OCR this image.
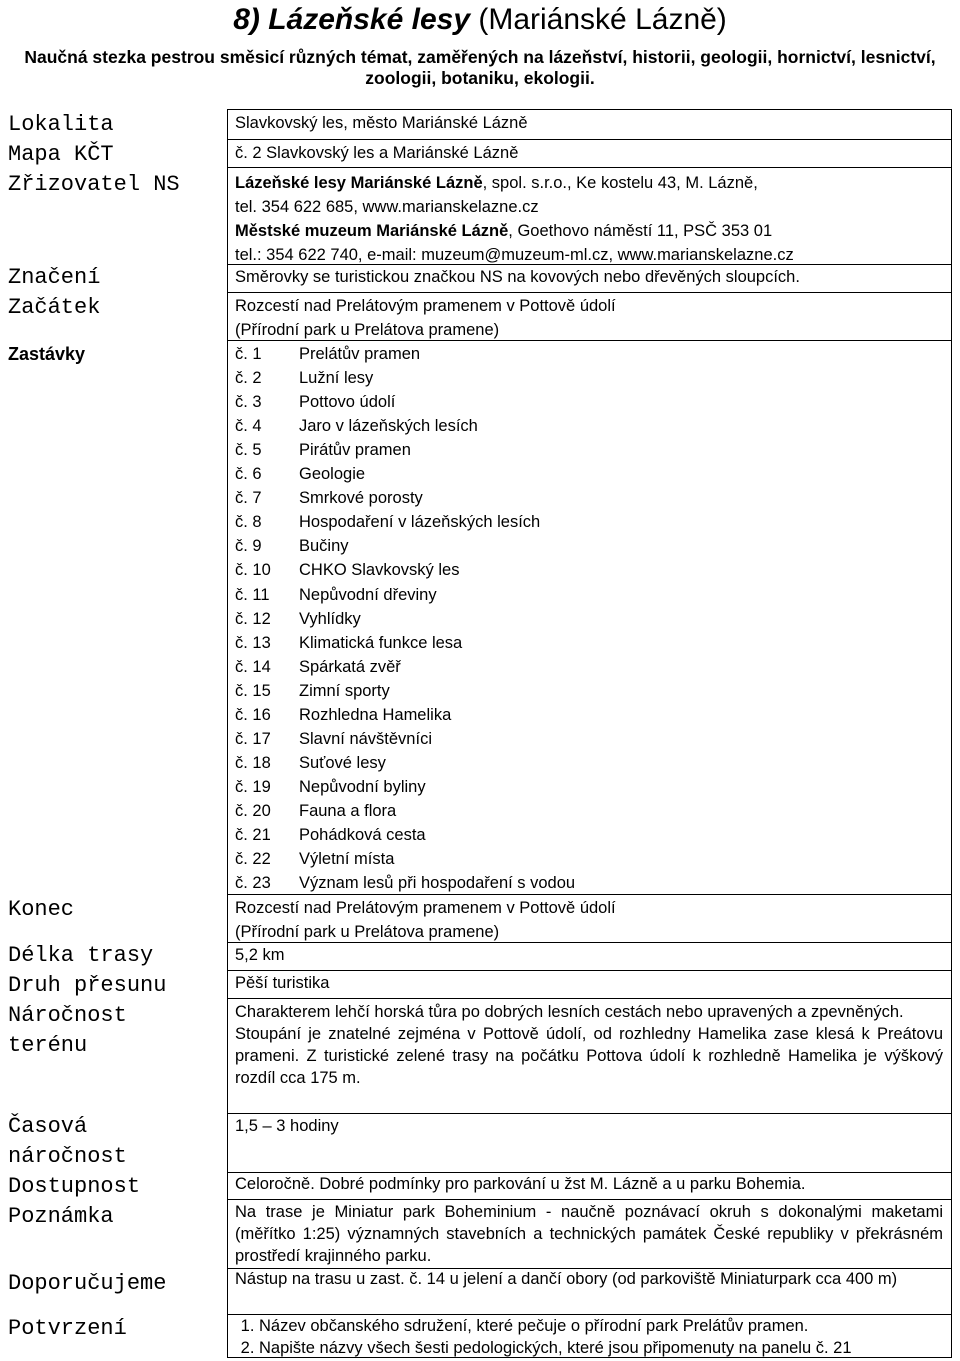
8) Lázeňské lesy (Mariánské Lázně)
Naučná stezka pestrou směsicí různých témat, zaměřených na lázeňství, historii, geologii, hornictví, lesnictví, zoologii, botaniku, ekologii.
Lokalita
Mapa KČT
Zřizovatel NS
Značení
Začátek
Zastávky
Konec
Délka trasy
Druh přesunu
Náročnost
terénu
Časová
náročnost
Dostupnost
Poznámka
Doporučujeme
Potvrzení
Slavkovský les, město Mariánské Lázně
č. 2 Slavkovský les a Mariánské Lázně
Lázeňské lesy Mariánské Lázně, spol. s.r.o., Ke kostelu 43, M. Lázně,
tel. 354 622 685, www.marianskelazne.cz
Městské muzeum Mariánské Lázně, Goethovo náměstí 11, PSČ 353 01
tel.: 354 622 740, e-mail: muzeum@muzeum-ml.cz, www.marianskelazne.cz
Směrovky se turistickou značkou NS na kovových nebo dřevěných sloupcích.
Rozcestí nad Prelátovým pramenem v Pottově údolí
(Přírodní park u Prelátova pramene)
č. 1 Prelátův pramen
č. 2 Lužní lesy
č. 3 Pottovo údolí
č. 4 Jaro v lázeňských lesích
č. 5 Pirátův pramen
č. 6 Geologie
č. 7 Smrkové porosty
č. 8 Hospodaření v lázeňských lesích
č. 9 Bučiny
č. 10 CHKO Slavkovský les
č. 11 Nepůvodní dřeviny
č. 12 Vyhlídky
č. 13 Klimatická funkce lesa
č. 14 Spárkatá zvěř
č. 15 Zimní sporty
č. 16 Rozhledna Hamelika
č. 17 Slavní návštěvníci
č. 18 Suťové lesy
č. 19 Nepůvodní byliny
č. 20 Fauna a flora
č. 21 Pohádková cesta
č. 22 Výletní místa
č. 23 Význam lesů při hospodaření s vodou
Rozcestí nad Prelátovým pramenem v Pottově údolí
(Přírodní park u Prelátova pramene)
5,2 km
Pěší turistika
Charakterem lehčí horská tůra po dobrých lesních cestách nebo upravených a zpevněných.
Stoupání je znatelné zejména v Pottově údolí, od rozhledny Hamelika zase klesá k Preátovu prameni. Z turistické zelené trasy na počátku Pottova údolí k rozhledně Hamelika je výškový rozdíl cca 175 m.
1,5 – 3 hodiny
Celoročně. Dobré podmínky pro parkování u žst M. Lázně a u parku Bohemia.
Na trase je Miniatur park Boheminium - naučně poznávací okruh s dokonalými maketami (měřítko 1:25) významných stavebních a technických památek České republiky v překrásném prostředí krajinného parku.
Nástup na trasu u zast. č. 14 u jelení a dančí obory (od parkoviště Miniaturpark cca 400 m)
1. Název občanského sdružení, které pečuje o přírodní park Prelátův pramen.
2. Napište názvy všech šesti pedologických, které jsou připomenuty na panelu č. 21
